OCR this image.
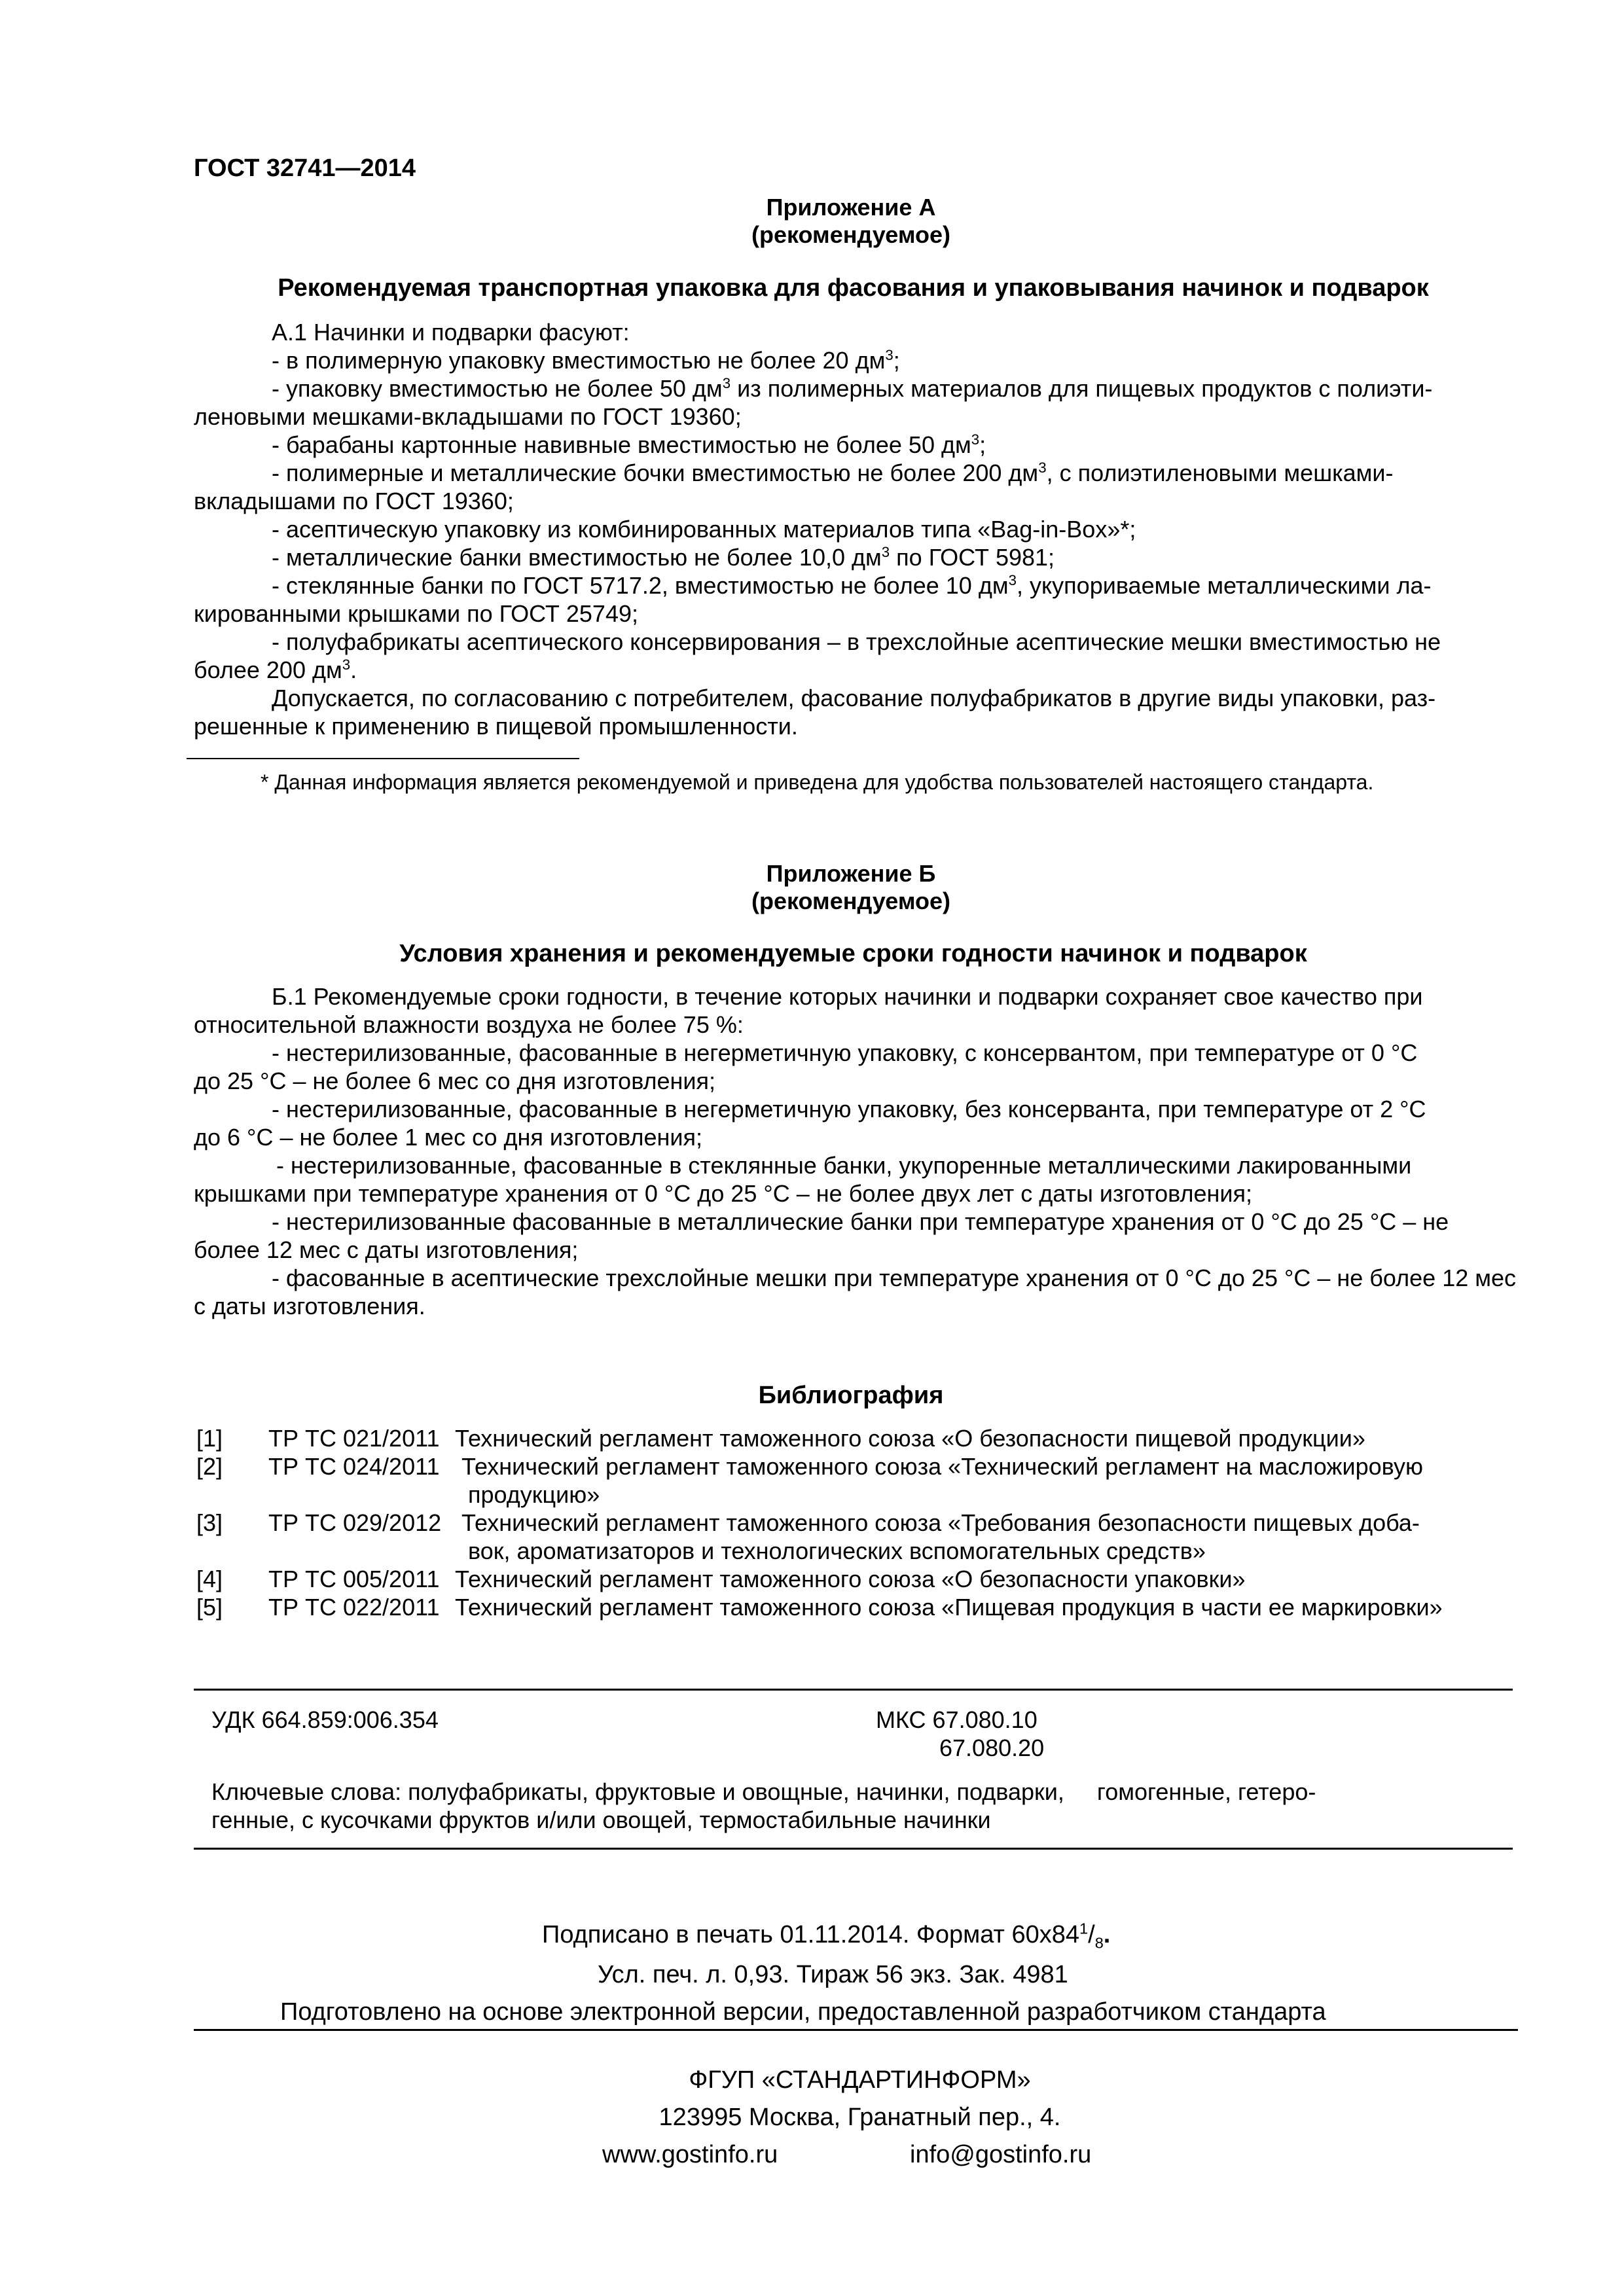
ГОСТ 32741—2014
Приложение А
(рекомендуемое)
Рекомендуемая транспортная упаковка для фасования и упаковывания начинок и подварок
А.1 Начинки и подварки фасуют:
- в полимерную упаковку вместимостью не более 20 $дм^3$;
- упаковку вместимостью не более 50 $дм^3$ из полимерных материалов для пищевых продуктов с полиэти-
леновыми мешками-вкладышами по ГОСТ 19360;
- барабаны картонные навивные вместимостью не более 50 $дм^3$;
- полимерные и металлические бочки вместимостью не более 200 $дм^3$, с полиэтиленовыми мешками-
вкладышами по ГОСТ 19360;
- асептическую упаковку из комбинированных материалов типа «Bag-in-Box»*;
- металлические банки вместимостью не более 10,0 $дм^3$ по ГОСТ 5981;
- стеклянные банки по ГОСТ 5717.2, вместимостью не более 10 $дм^3$, укупориваемые металлическими ла-
кированными крышками по ГОСТ 25749;
- полуфабрикаты асептического консервирования – в трехслойные асептические мешки вместимостью не
более 200 $дм^3$.
Допускается, по согласованию с потребителем, фасование полуфабрикатов в другие виды упаковки, раз-
решенные к применению в пищевой промышленности.
* Данная информация является рекомендуемой и приведена для удобства пользователей настоящего стандарта.
Приложение Б
(рекомендуемое)
Условия хранения и рекомендуемые сроки годности начинок и подварок
Б.1 Рекомендуемые сроки годности, в течение которых начинки и подварки сохраняет свое качество при
относительной влажности воздуха не более 75 %:
- нестерилизованные, фасованные в негерметичную упаковку, с консервантом, при температуре от 0 °С
до 25 °С – не более 6 мес со дня изготовления;
- нестерилизованные, фасованные в негерметичную упаковку, без консерванта, при температуре от 2 °С
до 6 °С – не более 1 мес со дня изготовления;
- нестерилизованные, фасованные в стеклянные банки, укупоренные металлическими лакированными
крышками при температуре хранения от 0 °С до 25 °С – не более двух лет с даты изготовления;
- нестерилизованные фасованные в металлические банки при температуре хранения от 0 °С до 25 °С – не
более 12 мес с даты изготовления;
- фасованные в асептические трехслойные мешки при температуре хранения от 0 °С до 25 °С – не более 12 мес
с даты изготовления.
Библиография
[1] ТР ТС 021/2011 Технический регламент таможенного союза «О безопасности пищевой продукции»
[2] ТР ТС 024/2011 Технический регламент таможенного союза «Технический регламент на масложировую
продукцию»
[3] ТР ТС 029/2012 Технический регламент таможенного союза «Требования безопасности пищевых доба-
вок, ароматизаторов и технологических вспомогательных средств»
[4] ТР ТС 005/2011 Технический регламент таможенного союза «О безопасности упаковки»
[5] ТР ТС 022/2011 Технический регламент таможенного союза «Пищевая продукция в части ее маркировки»
УДК 664.859:006.354	МКС 67.080.10
67.080.20
Ключевые слова: полуфабрикаты, фруктовые и овощные, начинки, подварки,     гомогенные, гетеро-
генные, с кусочками фруктов и/или овощей, термостабильные начинки
Подписано в печать 01.11.2014. Формат $60х84^1/_8$.
Усл. печ. л. 0,93. Тираж 56 экз. Зак. 4981
Подготовлено на основе электронной версии, предоставленной разработчиком стандарта
ФГУП «СТАНДАРТИНФОРМ»
123995 Москва, Гранатный пер., 4.
www.gostinfo.ru	info@gostinfo.ru
